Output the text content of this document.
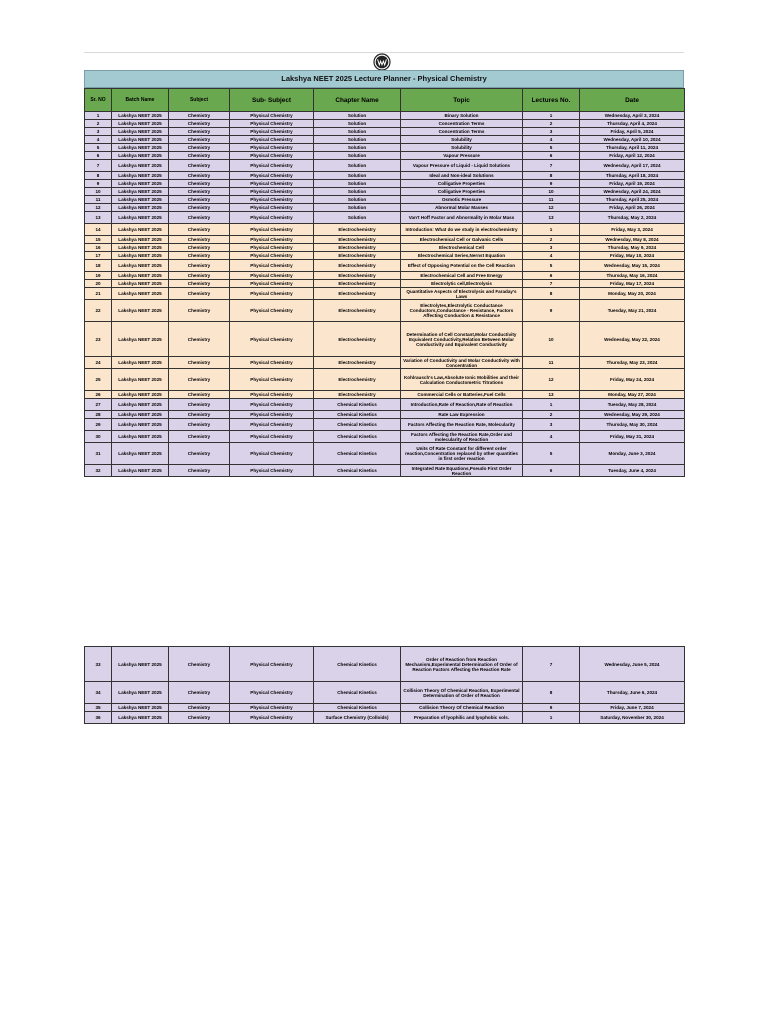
Lakshya NEET 2025 Lecture Planner - Physical Chemistry
Sr. NO	Batch Name	Subject	Sub- Subject	Chapter Name	Topic	Lectures No.	Date
1	Lakshya NEET 2025	Chemistry	Physical Chemistry	Solution	Binary Solution	1	Wednesday, April 3, 2024
2	Lakshya NEET 2025	Chemistry	Physical Chemistry	Solution	Concentration Terms	2	Thursday, April 4, 2024
3	Lakshya NEET 2025	Chemistry	Physical Chemistry	Solution	Concentration Terms	3	Friday, April 5, 2024
4	Lakshya NEET 2025	Chemistry	Physical Chemistry	Solution	Solubility	4	Wednesday, April 10, 2024
5	Lakshya NEET 2025	Chemistry	Physical Chemistry	Solution	Solubility	5	Thursday, April 11, 2024
6	Lakshya NEET 2025	Chemistry	Physical Chemistry	Solution	Vapour Pressure	6	Friday, April 12, 2024
7	Lakshya NEET 2025	Chemistry	Physical Chemistry	Solution	Vapour Pressure of Liquid - Liquid Solutions	7	Wednesday, April 17, 2024
8	Lakshya NEET 2025	Chemistry	Physical Chemistry	Solution	Ideal and Non-ideal Solutions	8	Thursday, April 18, 2024
9	Lakshya NEET 2025	Chemistry	Physical Chemistry	Solution	Colligative Properties	9	Friday, April 19, 2024
10	Lakshya NEET 2025	Chemistry	Physical Chemistry	Solution	Colligative Properties	10	Wednesday, April 24, 2024
11	Lakshya NEET 2025	Chemistry	Physical Chemistry	Solution	Osmotic Pressure	11	Thursday, April 25, 2024
12	Lakshya NEET 2025	Chemistry	Physical Chemistry	Solution	Abnormal Molar Masses	12	Friday, April 26, 2024
13	Lakshya NEET 2025	Chemistry	Physical Chemistry	Solution	Van't Hoff Factor and Abnormality in Molar Mass	13	Thursday, May 2, 2024
14	Lakshya NEET 2025	Chemistry	Physical Chemistry	Electrochemistry	Introduction: What do we study in electrochemistry	1	Friday, May 3, 2024
15	Lakshya NEET 2025	Chemistry	Physical Chemistry	Electrochemistry	Electrochemical Cell or Galvanic Cells	2	Wednesday, May 8, 2024
16	Lakshya NEET 2025	Chemistry	Physical Chemistry	Electrochemistry	Electrochemical Cell	3	Thursday, May 9, 2024
17	Lakshya NEET 2025	Chemistry	Physical Chemistry	Electrochemistry	Electrochemical Series,Nernst Equation	4	Friday, May 10, 2024
18	Lakshya NEET 2025	Chemistry	Physical Chemistry	Electrochemistry	Effect of Opposing Potential on the Cell Reaction	5	Wednesday, May 15, 2024
19	Lakshya NEET 2025	Chemistry	Physical Chemistry	Electrochemistry	Electrochemical Cell and Free Energy	6	Thursday, May 16, 2024
20	Lakshya NEET 2025	Chemistry	Physical Chemistry	Electrochemistry	Electrolytic cell,Electrolysis	7	Friday, May 17, 2024
21	Lakshya NEET 2025	Chemistry	Physical Chemistry	Electrochemistry	Quantitative Aspects of Electrolysis and Faraday's Laws	8	Monday, May 20, 2024
22	Lakshya NEET 2025	Chemistry	Physical Chemistry	Electrochemistry	Electrolytes,Electrolytic Conductance Conductors,Conductance - Resistance, Factors Affecting Conduction & Resistance	9	Tuesday, May 21, 2024
23	Lakshya NEET 2025	Chemistry	Physical Chemistry	Electrochemistry	Determination of Cell Constant,Molar Conductivity Equivalent Conductivity,Relation Between Molar Conductivity and Equivalent Conductivity	10	Wednesday, May 22, 2024
24	Lakshya NEET 2025	Chemistry	Physical Chemistry	Electrochemistry	Variation of Conductivity and Molar Conductivity with Concentration	11	Thursday, May 23, 2024
25	Lakshya NEET 2025	Chemistry	Physical Chemistry	Electrochemistry	Kohlrausch's Law,Absolute Ionic Mobilities and their Calculation Conductometric Titrations	12	Friday, May 24, 2024
26	Lakshya NEET 2025	Chemistry	Physical Chemistry	Electrochemistry	Commercial Cells or Batteries,Fuel Cells	13	Monday, May 27, 2024
27	Lakshya NEET 2025	Chemistry	Physical Chemistry	Chemical Kinetics	Introduction,Rate of Reaction,Rate of Reaction	1	Tuesday, May 28, 2024
28	Lakshya NEET 2025	Chemistry	Physical Chemistry	Chemical Kinetics	Rate Law Expression	2	Wednesday, May 29, 2024
29	Lakshya NEET 2025	Chemistry	Physical Chemistry	Chemical Kinetics	Factors Affecting the Reaction Rate, Molecularity	3	Thursday, May 30, 2024
30	Lakshya NEET 2025	Chemistry	Physical Chemistry	Chemical Kinetics	Factors Affecting the Reaction Rate,Order and molecularity of Reaction	4	Friday, May 31, 2024
31	Lakshya NEET 2025	Chemistry	Physical Chemistry	Chemical Kinetics	Units Of Rate Constant for different order reaction,Concentration replaced by other quantities in first order reaction	5	Monday, June 3, 2024
32	Lakshya NEET 2025	Chemistry	Physical Chemistry	Chemical Kinetics	Integrated Rate Equations,Pseudo First Order Reaction	6	Tuesday, June 4, 2024
33	Lakshya NEET 2025	Chemistry	Physical Chemistry	Chemical Kinetics	Order of Reaction from Reaction Mechanism,Experimental Determination of Order of Reaction Factors Affecting the Reaction Rate	7	Wednesday, June 5, 2024
34	Lakshya NEET 2025	Chemistry	Physical Chemistry	Chemical Kinetics	Collision Theory Of Chemical Reaction, Experimental Determination of Order of Reaction	8	Thursday, June 6, 2024
35	Lakshya NEET 2025	Chemistry	Physical Chemistry	Chemical Kinetics	Collision Theory Of Chemical Reaction	9	Friday, June 7, 2024
36	Lakshya NEET 2025	Chemistry	Physical Chemistry	Surface Chemistry (Colloids)	Preparation of lyophilic and lyophobic sols.	1	Saturday, November 30, 2024
